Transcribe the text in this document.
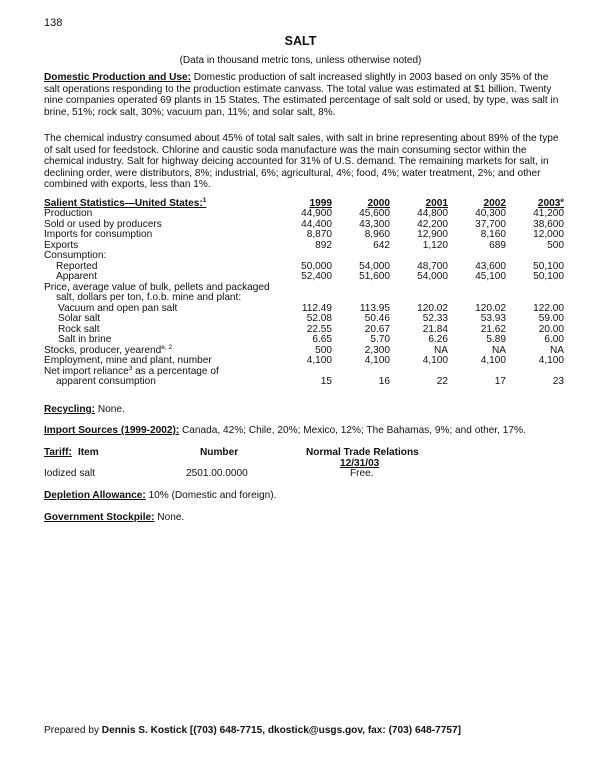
138
SALT
(Data in thousand metric tons, unless otherwise noted)
Domestic Production and Use: Domestic production of salt increased slightly in 2003 based on only 35% of the salt operations responding to the production estimate canvass. The total value was estimated at $1 billion. Twenty nine companies operated 69 plants in 15 States. The estimated percentage of salt sold or used, by type, was salt in brine, 51%; rock salt, 30%; vacuum pan, 11%; and solar salt, 8%.
The chemical industry consumed about 45% of total salt sales, with salt in brine representing about 89% of the type of salt used for feedstock. Chlorine and caustic soda manufacture was the main consuming sector within the chemical industry. Salt for highway deicing accounted for 31% of U.S. demand. The remaining markets for salt, in declining order, were distributors, 8%; industrial, 6%; agricultural, 4%; food, 4%; water treatment, 2%; and other combined with exports, less than 1%.
Salient Statistics—United States:$^1$	1999	2000	2001	2002	2003e
Production	44,900	45,600	44,800	40,300	41,200
Sold or used by producers	44,400	43,300	42,200	37,700	38,600
Imports for consumption	8,870	8,960	12,900	8,160	12,000
Exports	892	642	1,120	689	500
Consumption:					
Reported	50,000	54,000	48,700	43,600	50,100
Apparent	52,400	51,600	54,000	45,100	50,100
Price, average value of bulk, pellets and packaged					
salt, dollars per ton, f.o.b. mine and plant:					
Vacuum and open pan salt	112.49	113.95	120.02	120.02	122.00
Solar salt	52.08	50.46	52.33	53.93	59.00
Rock salt	22.55	20.67	21.84	21.62	20.00
Salt in brine	6.65	5.70	6.26	5.89	6.00
Stocks, producer, yearend$^{e, 2}$	500	2,300	NA	NA	NA
Employment, mine and plant, number	4,100	4,100	4,100	4,100	4,100
Net import reliance$^3$ as a percentage of					
apparent consumption	15	16	22	17	23
Recycling: None.
Import Sources (1999-2002): Canada, 42%; Chile, 20%; Mexico, 12%; The Bahamas, 9%; and other, 17%.
Tariff: Item	Number	Normal Trade Relations
12/31/03
Iodized salt	2501.00.0000	Free.
Depletion Allowance: 10% (Domestic and foreign).
Government Stockpile: None.
Prepared by Dennis S. Kostick [(703) 648-7715, dkostick@usgs.gov, fax: (703) 648-7757]
